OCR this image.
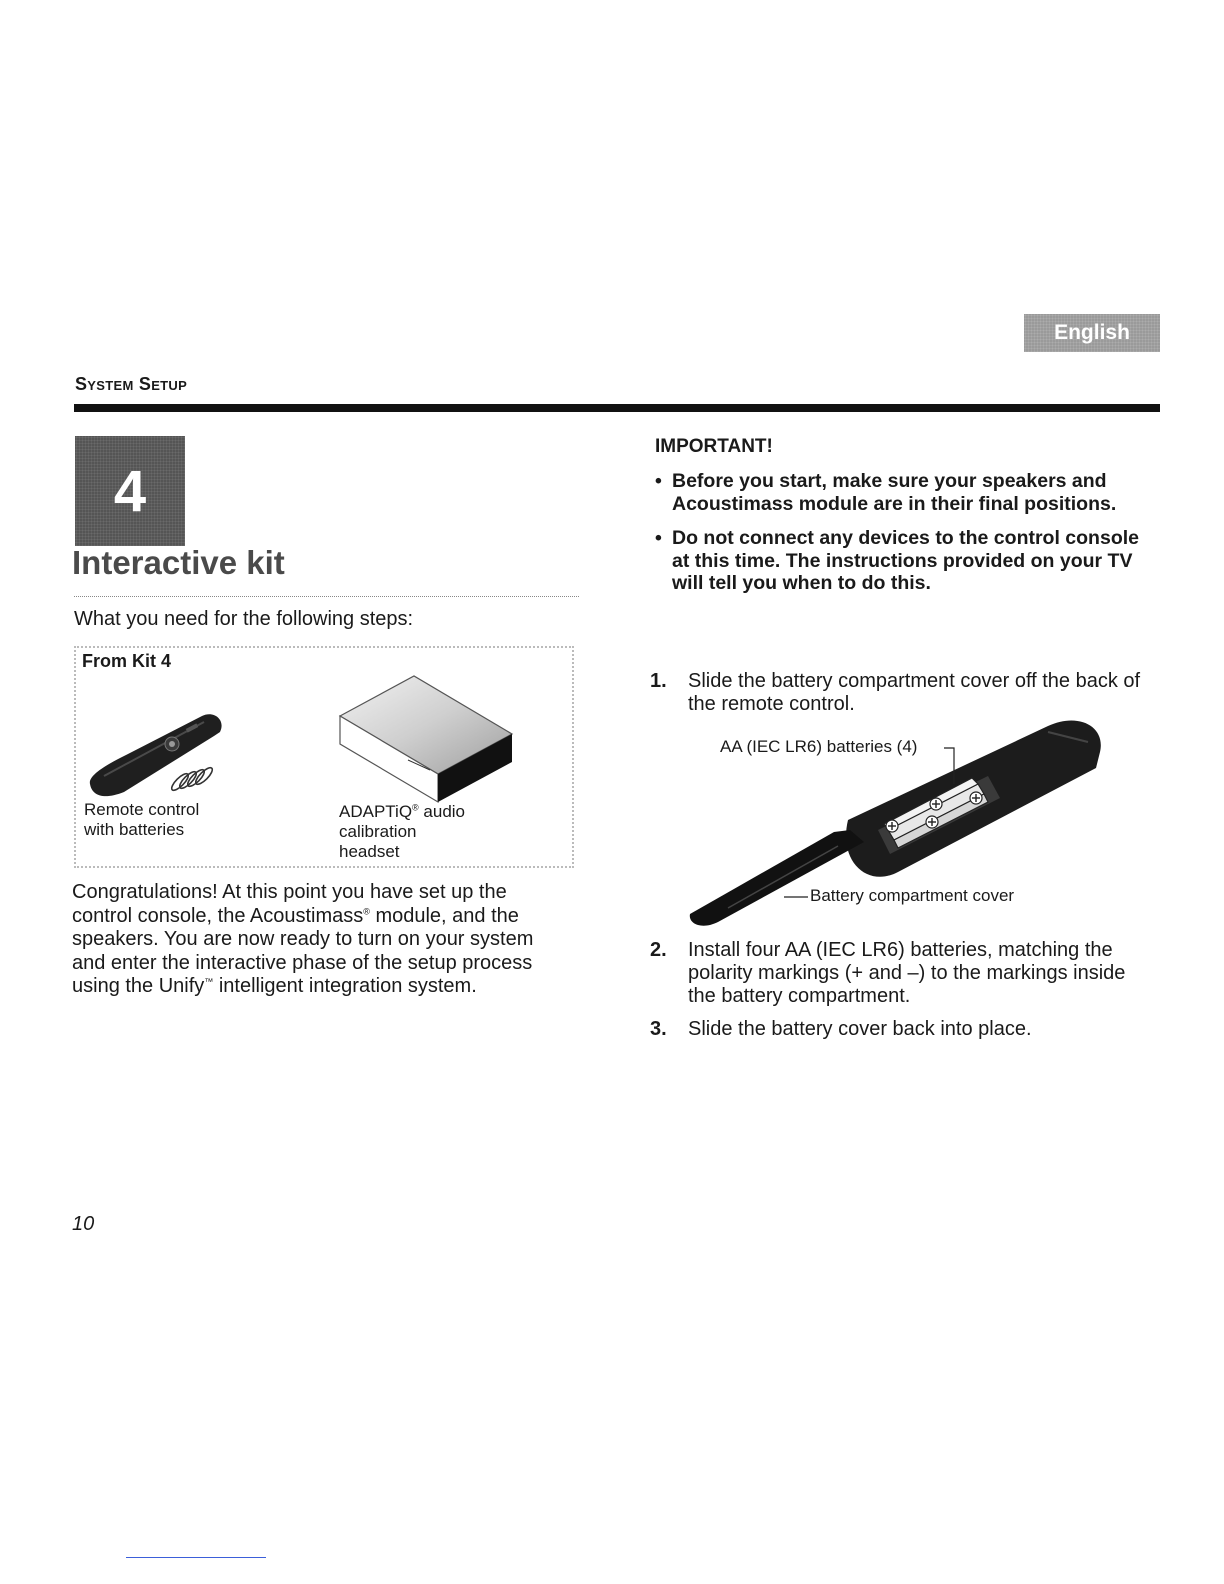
English
System Setup
4
Interactive kit
What you need for the following steps:
From Kit 4
Remote control
with batteries
ADAPTiQ® audio
calibration
headset
Congratulations! At this point you have set up the control console, the Acoustimass® module, and the speakers. You are now ready to turn on your system and enter the interactive phase of the setup process using the Unify™ intelligent integration system.
IMPORTANT!
• Before you start, make sure your speakers and Acoustimass module are in their final positions.
• Do not connect any devices to the control console at this time. The instructions provided on your TV will tell you when to do this.
1. Slide the battery compartment cover off the back of the remote control.
AA (IEC LR6) batteries (4)
Battery compartment cover
2. Install four AA (IEC LR6) batteries, matching the polarity markings (+ and –) to the markings inside the battery compartment.
3. Slide the battery cover back into place.
10
